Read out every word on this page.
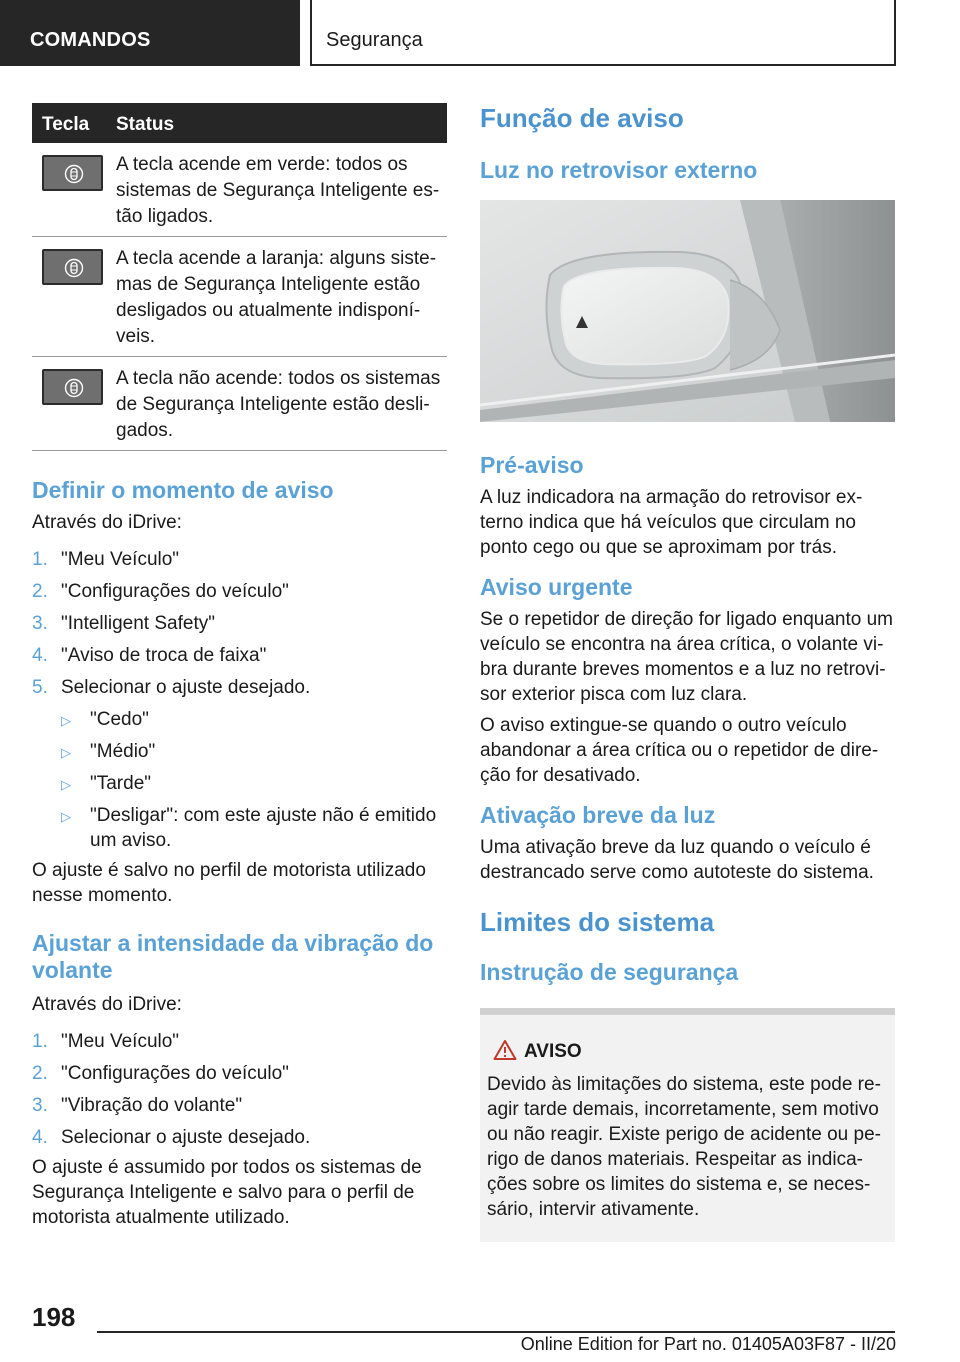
COMANDOS	Segurança
Tecla Status
A tecla acende em verde: todos os sistemas de Segurança Inteligente es-tão ligados.
A tecla acende a laranja: alguns siste-mas de Segurança Inteligente estão desligados ou atualmente indisponí-veis.
A tecla não acende: todos os sistemas de Segurança Inteligente estão desli-gados.
Definir o momento de aviso

Através do iDrive:

1. "Meu Veículo"
2. "Configurações do veículo"
3. "Intelligent Safety"
4. "Aviso de troca de faixa"
5. Selecionar o ajuste desejado.
▷ "Cedo"
▷ "Médio"
▷ "Tarde"
▷ "Desligar": com este ajuste não é emitido um aviso.

O ajuste é salvo no perfil de motorista utilizado nesse momento.

Ajustar a intensidade da vibração do volante

Através do iDrive:

1. "Meu Veículo"
2. "Configurações do veículo"
3. "Vibração do volante"
4. Selecionar o ajuste desejado.

O ajuste é assumido por todos os sistemas de Segurança Inteligente e salvo para o perfil de motorista atualmente utilizado.

Função de aviso
Luz no retrovisor externo
Pré-aviso

A luz indicadora na armação do retrovisor ex-terno indica que há veículos que circulam no ponto cego ou que se aproximam por trás.

Aviso urgente

Se o repetidor de direção for ligado enquanto um veículo se encontra na área crítica, o volante vi-bra durante breves momentos e a luz no retrovi-sor exterior pisca com luz clara.

O aviso extingue-se quando o outro veículo abandonar a área crítica ou o repetidor de dire-ção for desativado.

Ativação breve da luz

Uma ativação breve da luz quando o veículo é destrancado serve como autoteste do sistema.

Limites do sistema
Instrução de segurança
AVISO

Devido às limitações do sistema, este pode re-agir tarde demais, incorretamente, sem motivo ou não reagir. Existe perigo de acidente ou pe-rigo de danos materiais. Respeitar as indica-ções sobre os limites do sistema e, se neces-sário, intervir ativamente.

198
Online Edition for Part no. 01405A03F87 - II/20
